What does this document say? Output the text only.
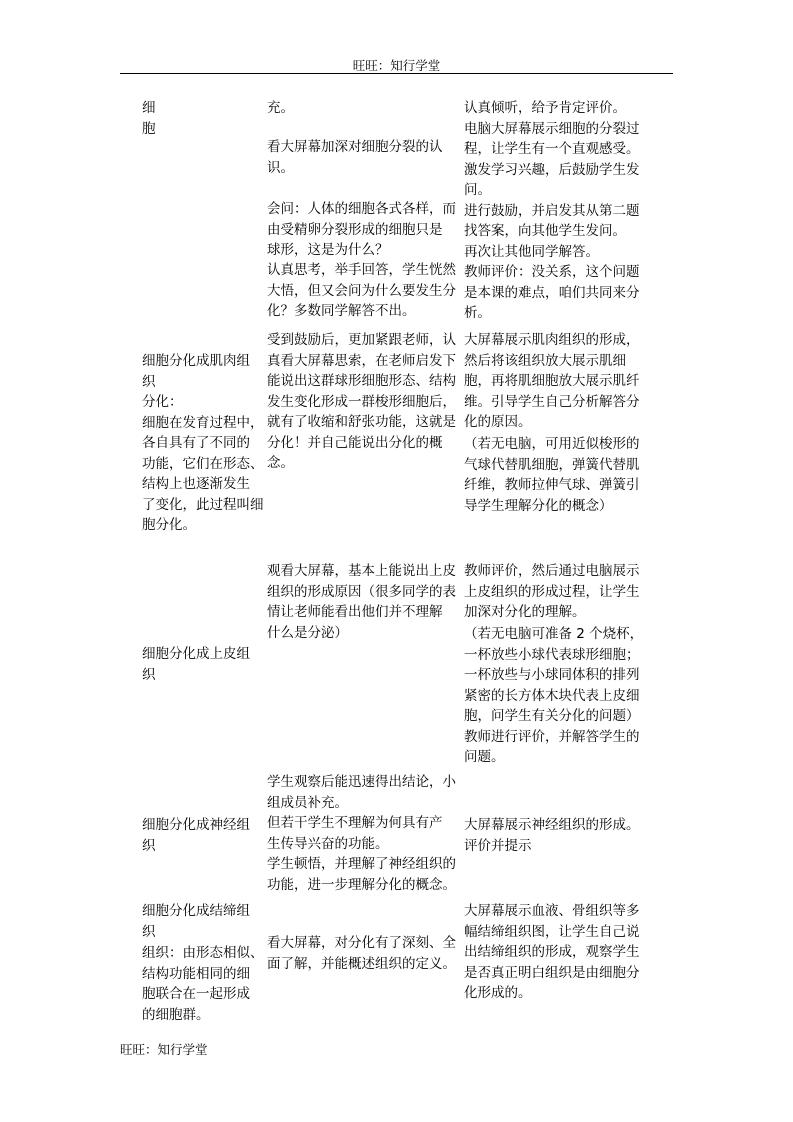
旺旺：知行学堂
细
胞
充。
看大屏幕加深对细胞分裂的认
识。
会问：人体的细胞各式各样，而
由受精卵分裂形成的细胞只是
球形，这是为什么？
认真思考，举手回答，学生恍然
大悟，但又会问为什么要发生分
化？多数同学解答不出。
认真倾听，给予肯定评价。
电脑大屏幕展示细胞的分裂过
程，让学生有一个直观感受。
激发学习兴趣，后鼓励学生发
问。
进行鼓励，并启发其从第二题
找答案，向其他学生发问。
再次让其他同学解答。
教师评价：没关系，这个问题
是本课的难点，咱们共同来分
析。
细胞分化成肌肉组
织
分化：
细胞在发育过程中，
各自具有了不同的
功能，它们在形态、
结构上也逐渐发生
了变化，此过程叫细
胞分化。
受到鼓励后，更加紧跟老师，认
真看大屏幕思索，在老师启发下
能说出这群球形细胞形态、结构
发生变化形成一群梭形细胞后，
就有了收缩和舒张功能，这就是
分化！并自己能说出分化的概
念。
大屏幕展示肌肉组织的形成，
然后将该组织放大展示肌细
胞，再将肌细胞放大展示肌纤
维。引导学生自己分析解答分
化的原因。
（若无电脑，可用近似梭形的
气球代替肌细胞，弹簧代替肌
纤维，教师拉伸气球、弹簧引
导学生理解分化的概念）
细胞分化成上皮组
织
观看大屏幕，基本上能说出上皮
组织的形成原因（很多同学的表
情让老师能看出他们并不理解
什么是分泌）
教师评价，然后通过电脑展示
上皮组织的形成过程，让学生
加深对分化的理解。
（若无电脑可准备 2 个烧杯，
一杯放些小球代表球形细胞；
一杯放些与小球同体积的排列
紧密的长方体木块代表上皮细
胞，问学生有关分化的问题）
教师进行评价，并解答学生的
问题。
细胞分化成神经组
织
学生观察后能迅速得出结论，小
组成员补充。
但若干学生不理解为何具有产
生传导兴奋的功能。
学生顿悟，并理解了神经组织的
功能，进一步理解分化的概念。
大屏幕展示神经组织的形成。
评价并提示
细胞分化成结缔组
织
组织：由形态相似、
结构功能相同的细
胞联合在一起形成
的细胞群。
看大屏幕，对分化有了深刻、全
面了解，并能概述组织的定义。
大屏幕展示血液、骨组织等多
幅结缔组织图，让学生自己说
出结缔组织的形成，观察学生
是否真正明白组织是由细胞分
化形成的。
旺旺：知行学堂
